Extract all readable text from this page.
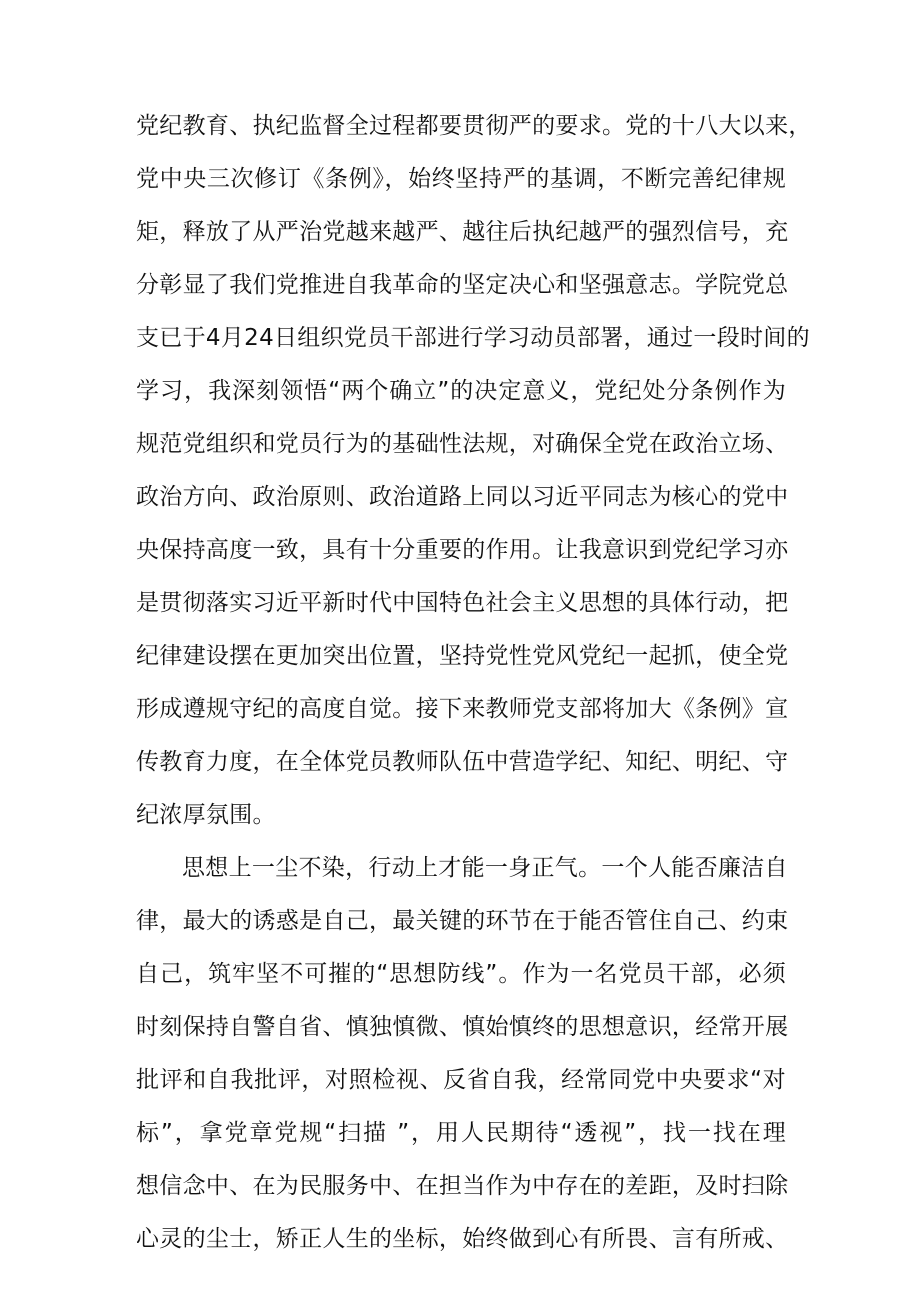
党纪教育、执纪监督全过程都要贯彻严的要求。党的十八大以来，
党中央三次修订《条例》，始终坚持严的基调，不断完善纪律规
矩，释放了从严治党越来越严、越往后执纪越严的强烈信号，充
分彰显了我们党推进自我革命的坚定决心和坚强意志。学院党总
支已于4月24日组织党员干部进行学习动员部署，通过一段时间的
学习，我深刻领悟“两个确立”的决定意义，党纪处分条例作为
规范党组织和党员行为的基础性法规，对确保全党在政治立场、
政治方向、政治原则、政治道路上同以习近平同志为核心的党中
央保持高度一致，具有十分重要的作用。让我意识到党纪学习亦
是贯彻落实习近平新时代中国特色社会主义思想的具体行动，把
纪律建设摆在更加突出位置，坚持党性党风党纪一起抓，使全党
形成遵规守纪的高度自觉。接下来教师党支部将加大《条例》宣
传教育力度，在全体党员教师队伍中营造学纪、知纪、明纪、守
纪浓厚氛围。
思想上一尘不染，行动上才能一身正气。一个人能否廉洁自
律，最大的诱惑是自己，最关键的环节在于能否管住自己、约束
自己，筑牢坚不可摧的“思想防线”。作为一名党员干部，必须
时刻保持自警自省、慎独慎微、慎始慎终的思想意识，经常开展
批评和自我批评，对照检视、反省自我，经常同党中央要求“对
标”，拿党章党规“扫描 ”，用人民期待“透视”，找一找在理
想信念中、在为民服务中、在担当作为中存在的差距，及时扫除
心灵的尘士，矫正人生的坐标，始终做到心有所畏、言有所戒、
